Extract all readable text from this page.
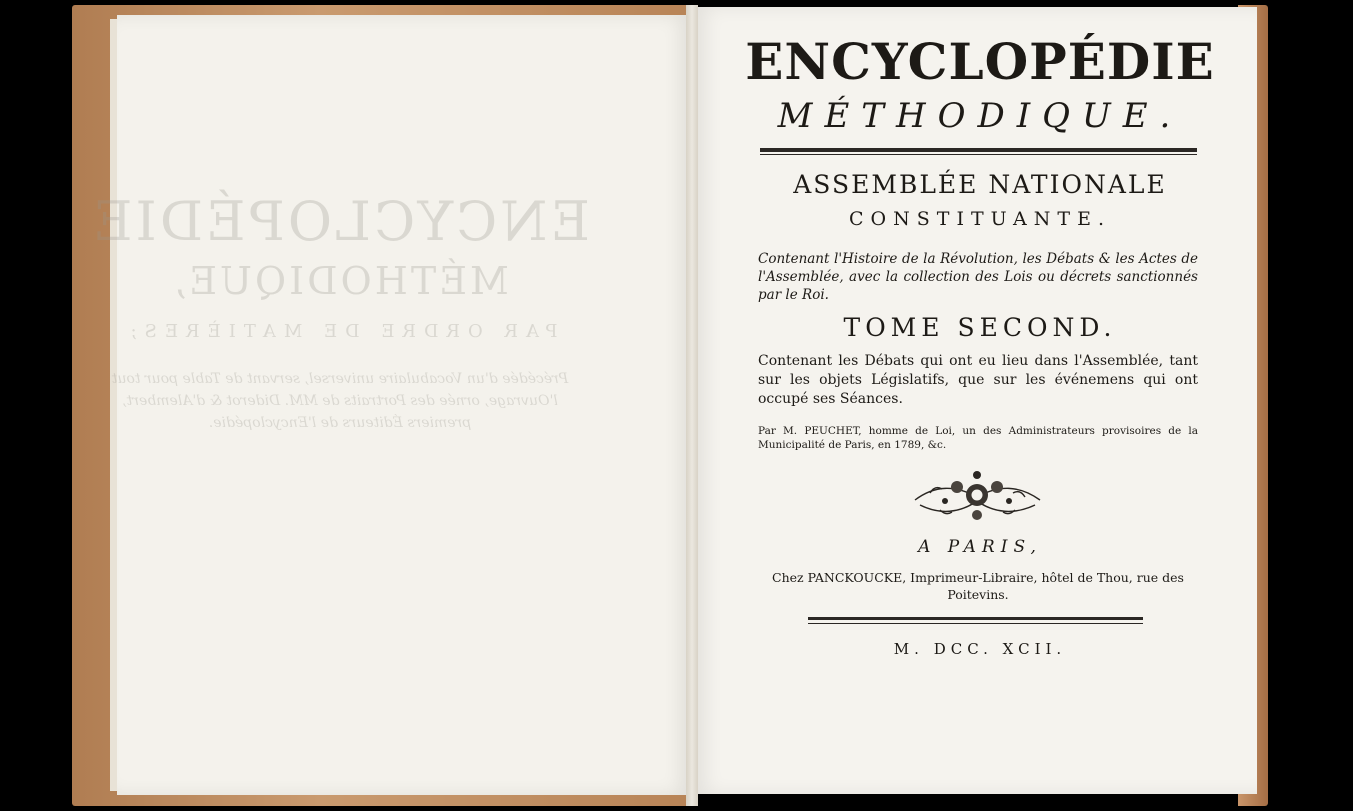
ENCYCLOPÉDIE
MÉTHODIQUE,
PAR ORDRE DE MATIÈRES;
Précédée d'un Vocabulaire universel, servant de Table pour tout l'Ouvrage, ornée des Portraits de MM. Diderot & d'Alembert, premiers Éditeurs de l'Encyclopédie.
ENCYCLOPÉDIE
MÉTHODIQUE.
ASSEMBLÉE NATIONALE
CONSTITUANTE.
Contenant l'Histoire de la Révolution, les Débats & les Actes de l'Assemblée, avec la collection des Lois ou décrets sanctionnés par le Roi.
TOME SECOND.
Contenant les Débats qui ont eu lieu dans l'Assemblée, tant sur les objets Législatifs, que sur les événemens qui ont occupé ses Séances.
Par M. PEUCHET, homme de Loi, un des Administrateurs provisoires de la Municipalité de Paris, en 1789, &c.
A PARIS,
Chez PANCKOUCKE, Imprimeur-Libraire, hôtel de Thou, rue des Poitevins.
M. DCC. XCII.
